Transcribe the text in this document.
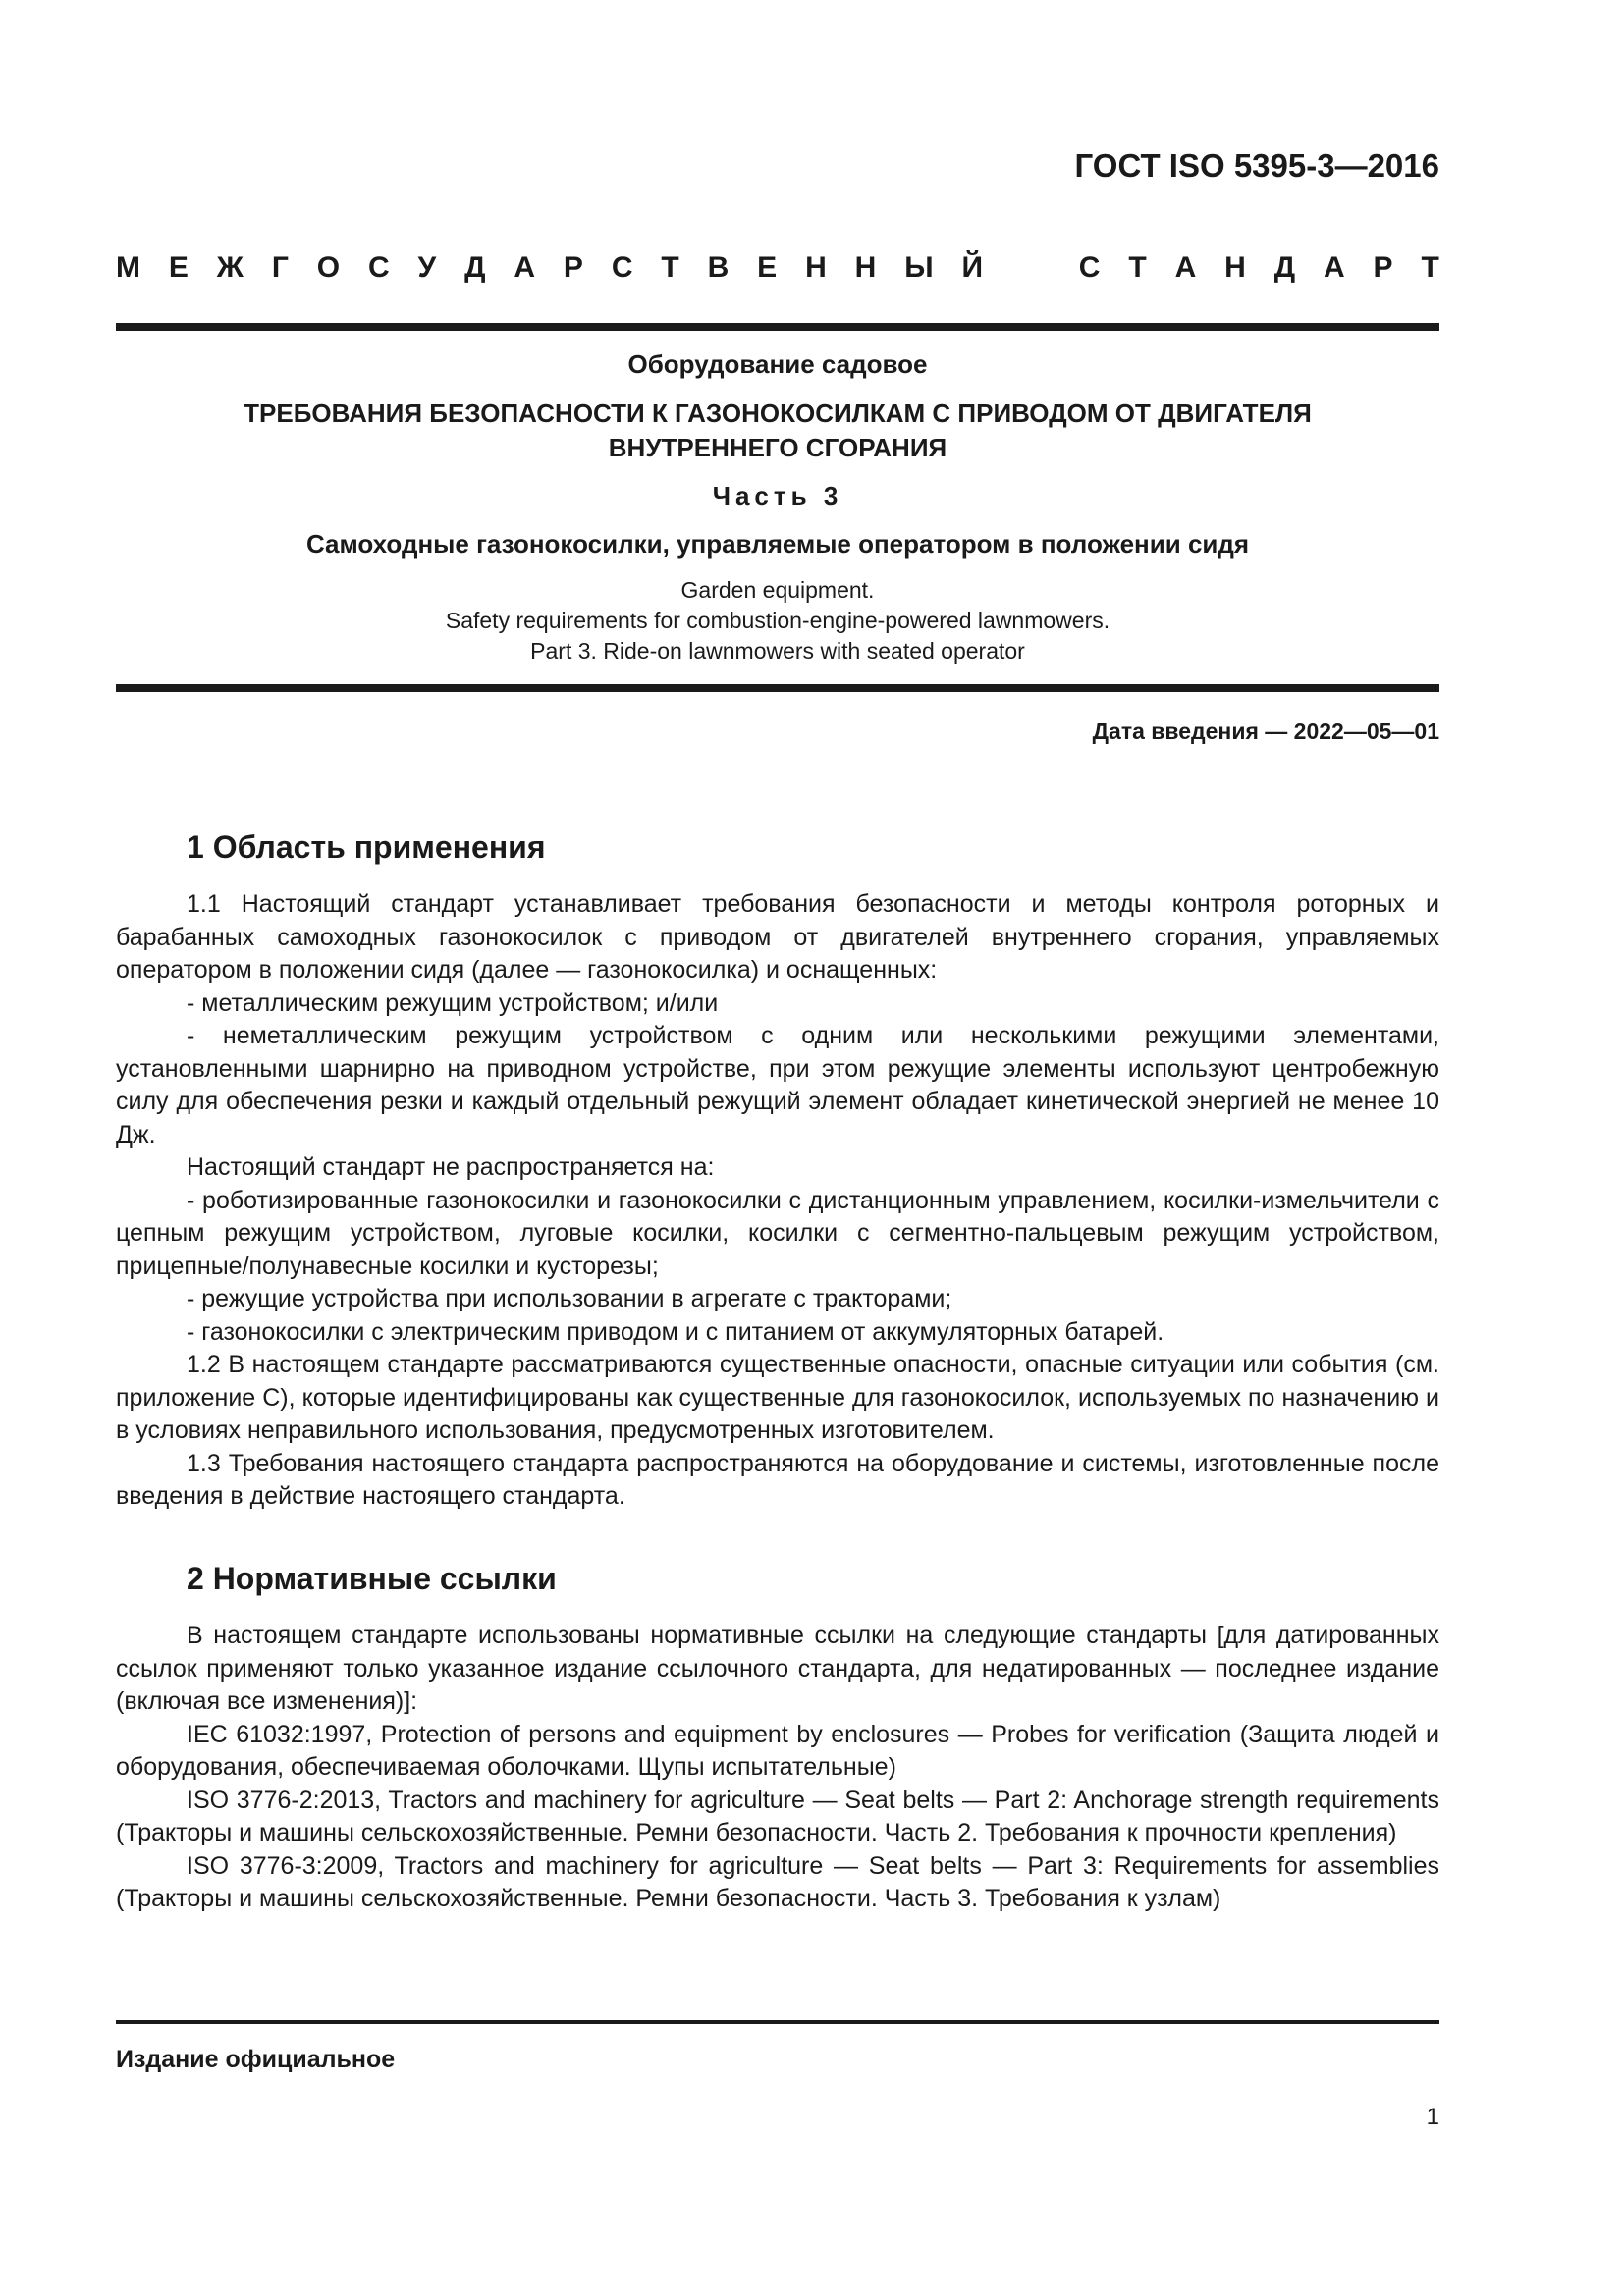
ГОСТ ISO 5395-3—2016
М Е Ж Г О С У Д А Р С Т В Е Н Н Ы Й	С Т А Н Д А Р Т
Оборудование садовое
ТРЕБОВАНИЯ БЕЗОПАСНОСТИ К ГАЗОНОКОСИЛКАМ С ПРИВОДОМ ОТ ДВИГАТЕЛЯ
ВНУТРЕННЕГО СГОРАНИЯ
Часть 3
Самоходные газонокосилки, управляемые оператором в положении сидя
Garden equipment.
Safety requirements for combustion-engine-powered lawnmowers.
Part 3. Ride-on lawnmowers with seated operator
Дата введения — 2022—05—01
1 Область применения

1.1 Настоящий стандарт устанавливает требования безопасности и методы контроля роторных и барабанных самоходных газонокосилок с приводом от двигателей внутреннего сгорания, управляемых оператором в положении сидя (далее — газонокосилка) и оснащенных:

- металлическим режущим устройством; и/или

- неметаллическим режущим устройством с одним или несколькими режущими элементами, установленными шарнирно на приводном устройстве, при этом режущие элементы используют центробежную силу для обеспечения резки и каждый отдельный режущий элемент обладает кинетической энергией не менее 10 Дж.

Настоящий стандарт не распространяется на:

- роботизированные газонокосилки и газонокосилки с дистанционным управлением, косилки-измельчители с цепным режущим устройством, луговые косилки, косилки с сегментно-пальцевым режущим устройством, прицепные/полунавесные косилки и кусторезы;

- режущие устройства при использовании в агрегате с тракторами;

- газонокосилки с электрическим приводом и с питанием от аккумуляторных батарей.

1.2 В настоящем стандарте рассматриваются существенные опасности, опасные ситуации или события (см. приложение С), которые идентифицированы как существенные для газонокосилок, используемых по назначению и в условиях неправильного использования, предусмотренных изготовителем.

1.3 Требования настоящего стандарта распространяются на оборудование и системы, изготовленные после введения в действие настоящего стандарта.

2 Нормативные ссылки

В настоящем стандарте использованы нормативные ссылки на следующие стандарты [для датированных ссылок применяют только указанное издание ссылочного стандарта, для недатированных — последнее издание (включая все изменения)]:

IEC 61032:1997, Protection of persons and equipment by enclosures — Probes for verification (Защита людей и оборудования, обеспечиваемая оболочками. Щупы испытательные)

ISO 3776-2:2013, Tractors and machinery for agriculture — Seat belts — Part 2: Anchorage strength requirements (Тракторы и машины сельскохозяйственные. Ремни безопасности. Часть 2. Требования к прочности крепления)

ISO 3776-3:2009, Tractors and machinery for agriculture — Seat belts — Part 3: Requirements for assemblies (Тракторы и машины сельскохозяйственные. Ремни безопасности. Часть 3. Требования к узлам)

Издание официальное
1
